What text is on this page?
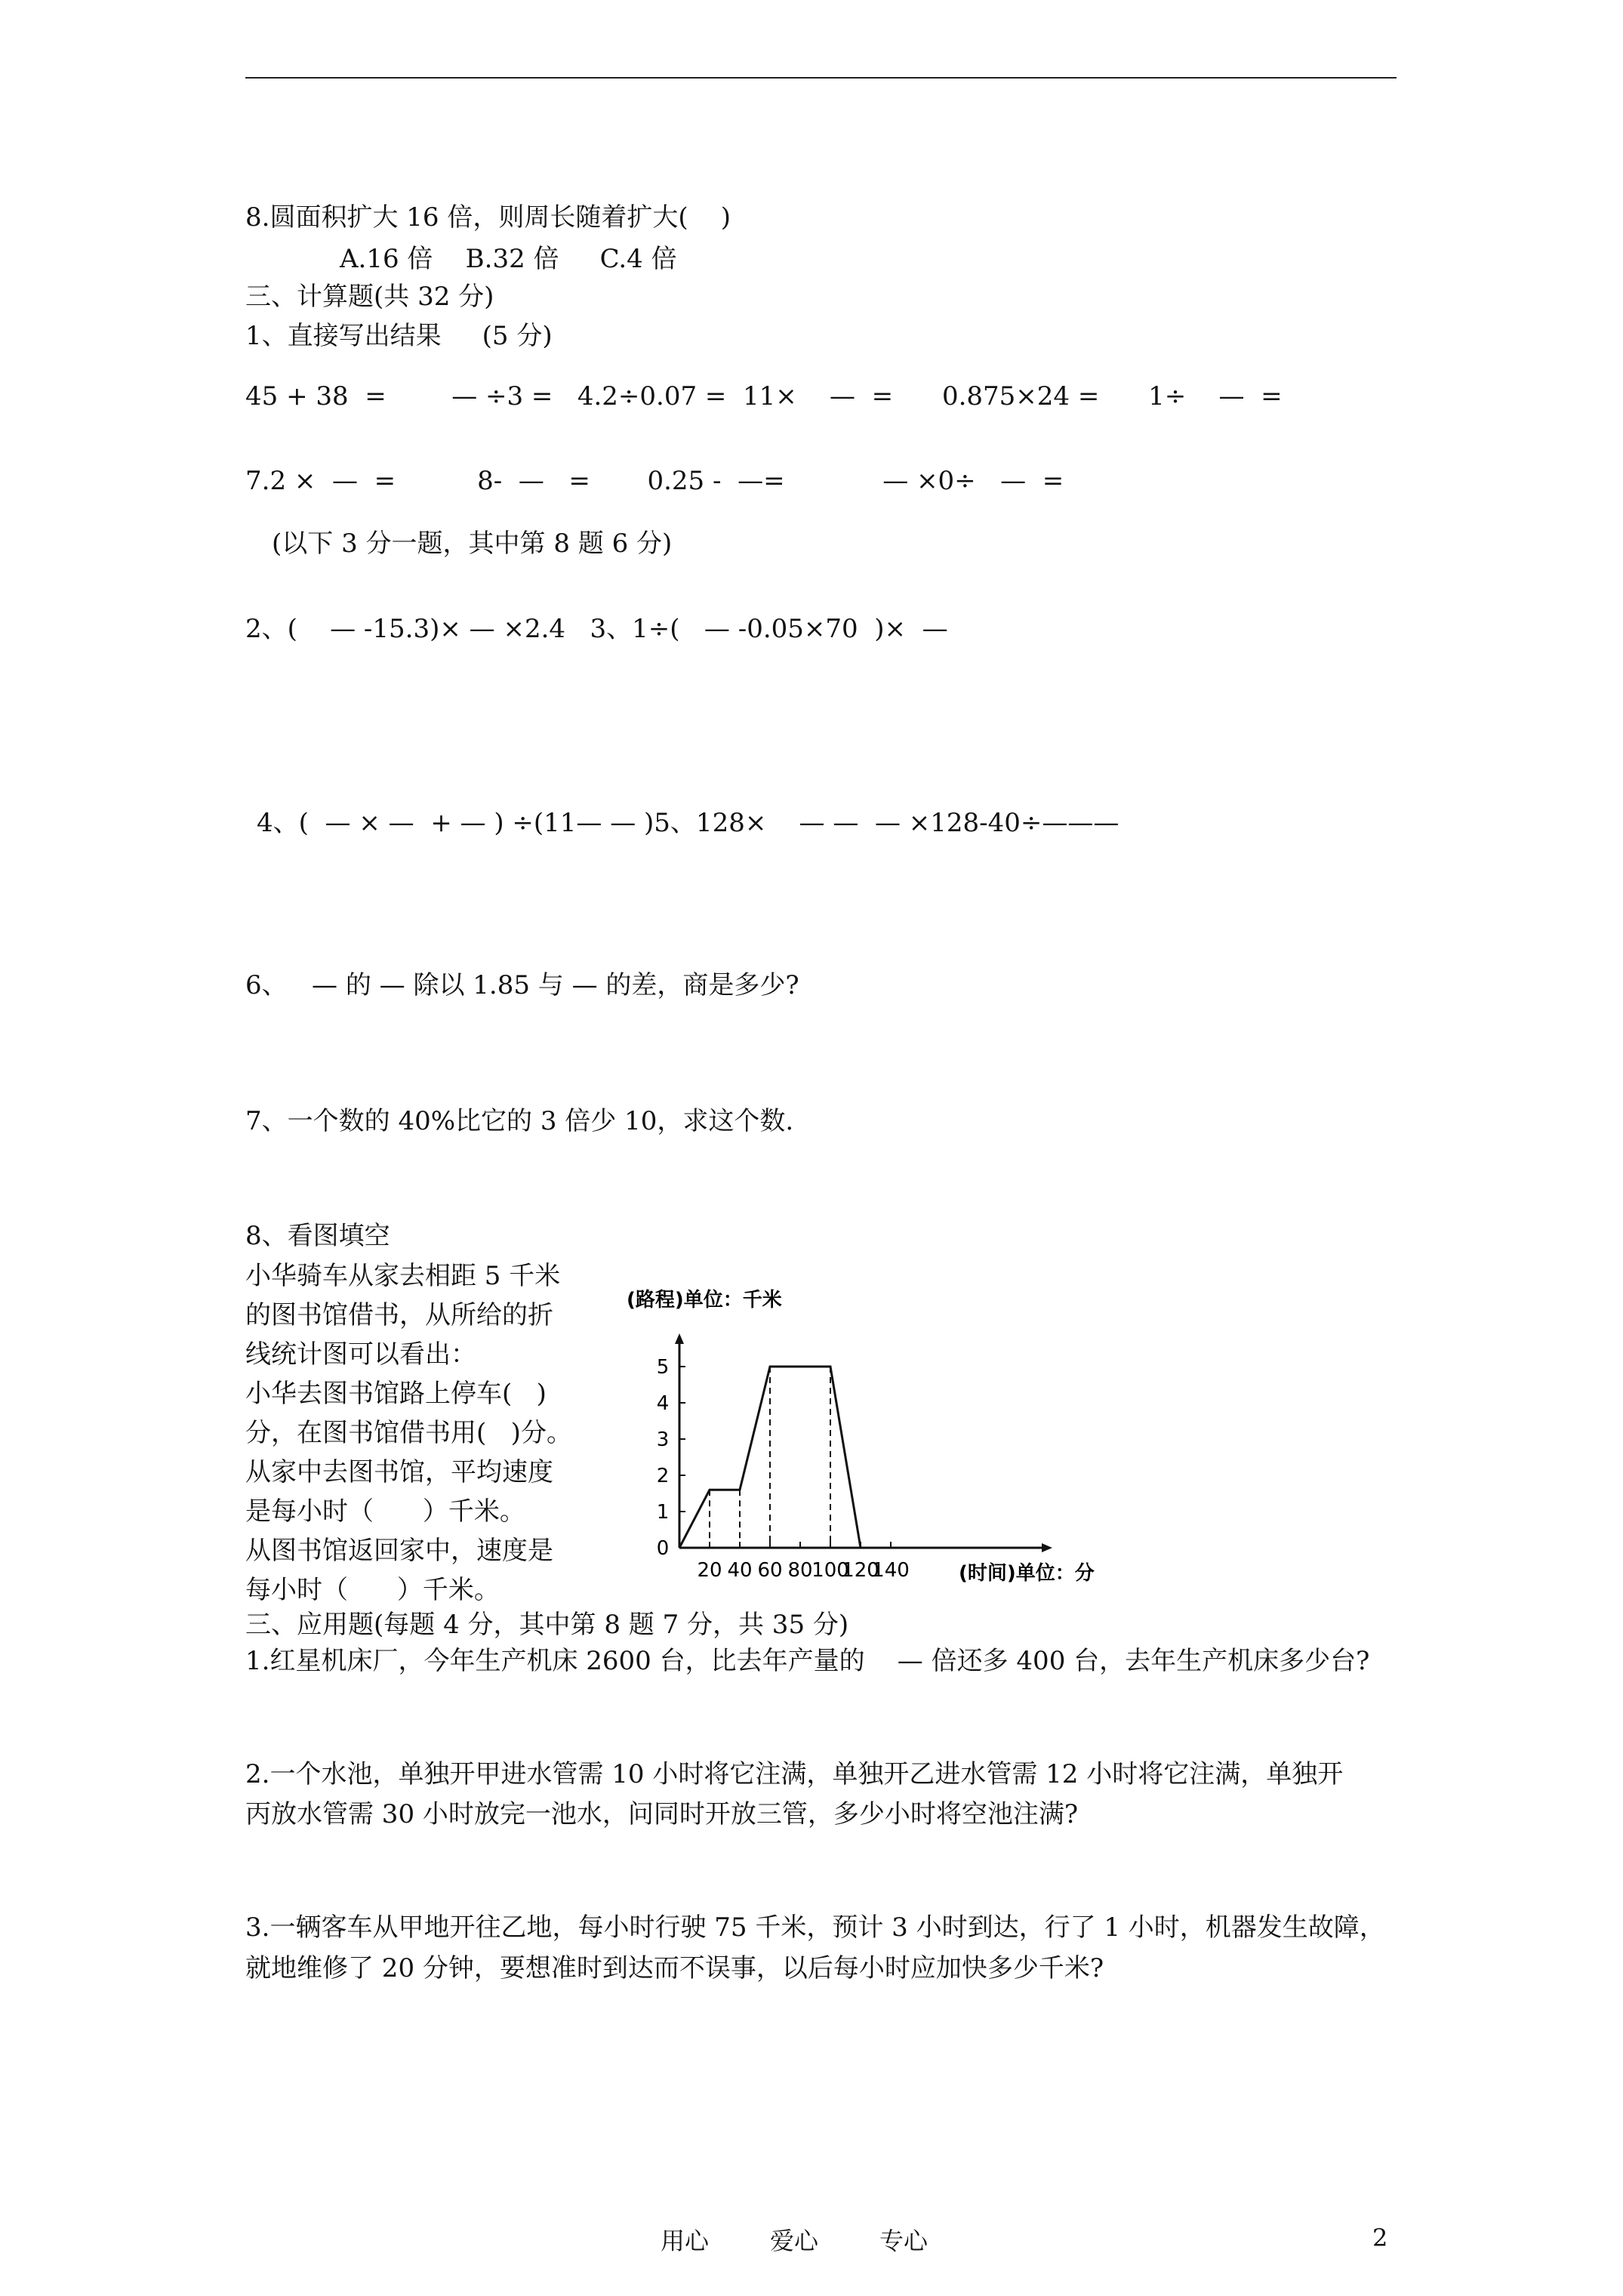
8.圆面积扩大 16 倍，则周长随着扩大(    )
A.16 倍    B.32 倍     C.4 倍
三、计算题(共 32 分)
1、直接写出结果     (5 分)
45 + 38  =        — ÷3 =   4.2÷0.07 =  11×    —  =      0.875×24 =      1÷    —  =
7.2 ×  —  =          8-  —   =       0.25 -  —=            — ×0÷   —  =
(以下 3 分一题，其中第 8 题 6 分)
2、(    — -15.3)× — ×2.4   3、1÷(   — -0.05×70  )×  —
4、(  — × —  + — ) ÷(11— — )5、128×    — —  — ×128-40÷———
6、   — 的 — 除以 1.85 与 — 的差，商是多少?
7、一个数的 40%比它的 3 倍少 10，求这个数.
8、看图填空
小华骑车从家去相距 5 千米
的图书馆借书，从所给的折
线统计图可以看出：
小华去图书馆路上停车(   )
分，在图书馆借书用(   )分。
从家中去图书馆，平均速度
是每小时（      ）千米。
从图书馆返回家中，速度是
每小时（      ）千米。
(路程)单位：千米
(时间)单位：分
0
1
2
3
4
5
20 40 60 80
100
120
140
三、应用题(每题 4 分，其中第 8 题 7 分，共 35 分)
1.红星机床厂，今年生产机床 2600 台，比去年产量的    — 倍还多 400 台，去年生产机床多少台?
2.一个水池，单独开甲进水管需 10 小时将它注满，单独开乙进水管需 12 小时将它注满，单独开
丙放水管需 30 小时放完一池水，问同时开放三管，多少小时将空池注满?
3.一辆客车从甲地开往乙地，每小时行驶 75 千米，预计 3 小时到达，行了 1 小时，机器发生故障，
就地维修了 20 分钟，要想准时到达而不误事，以后每小时应加快多少千米?
用心	爱心	专心	2
